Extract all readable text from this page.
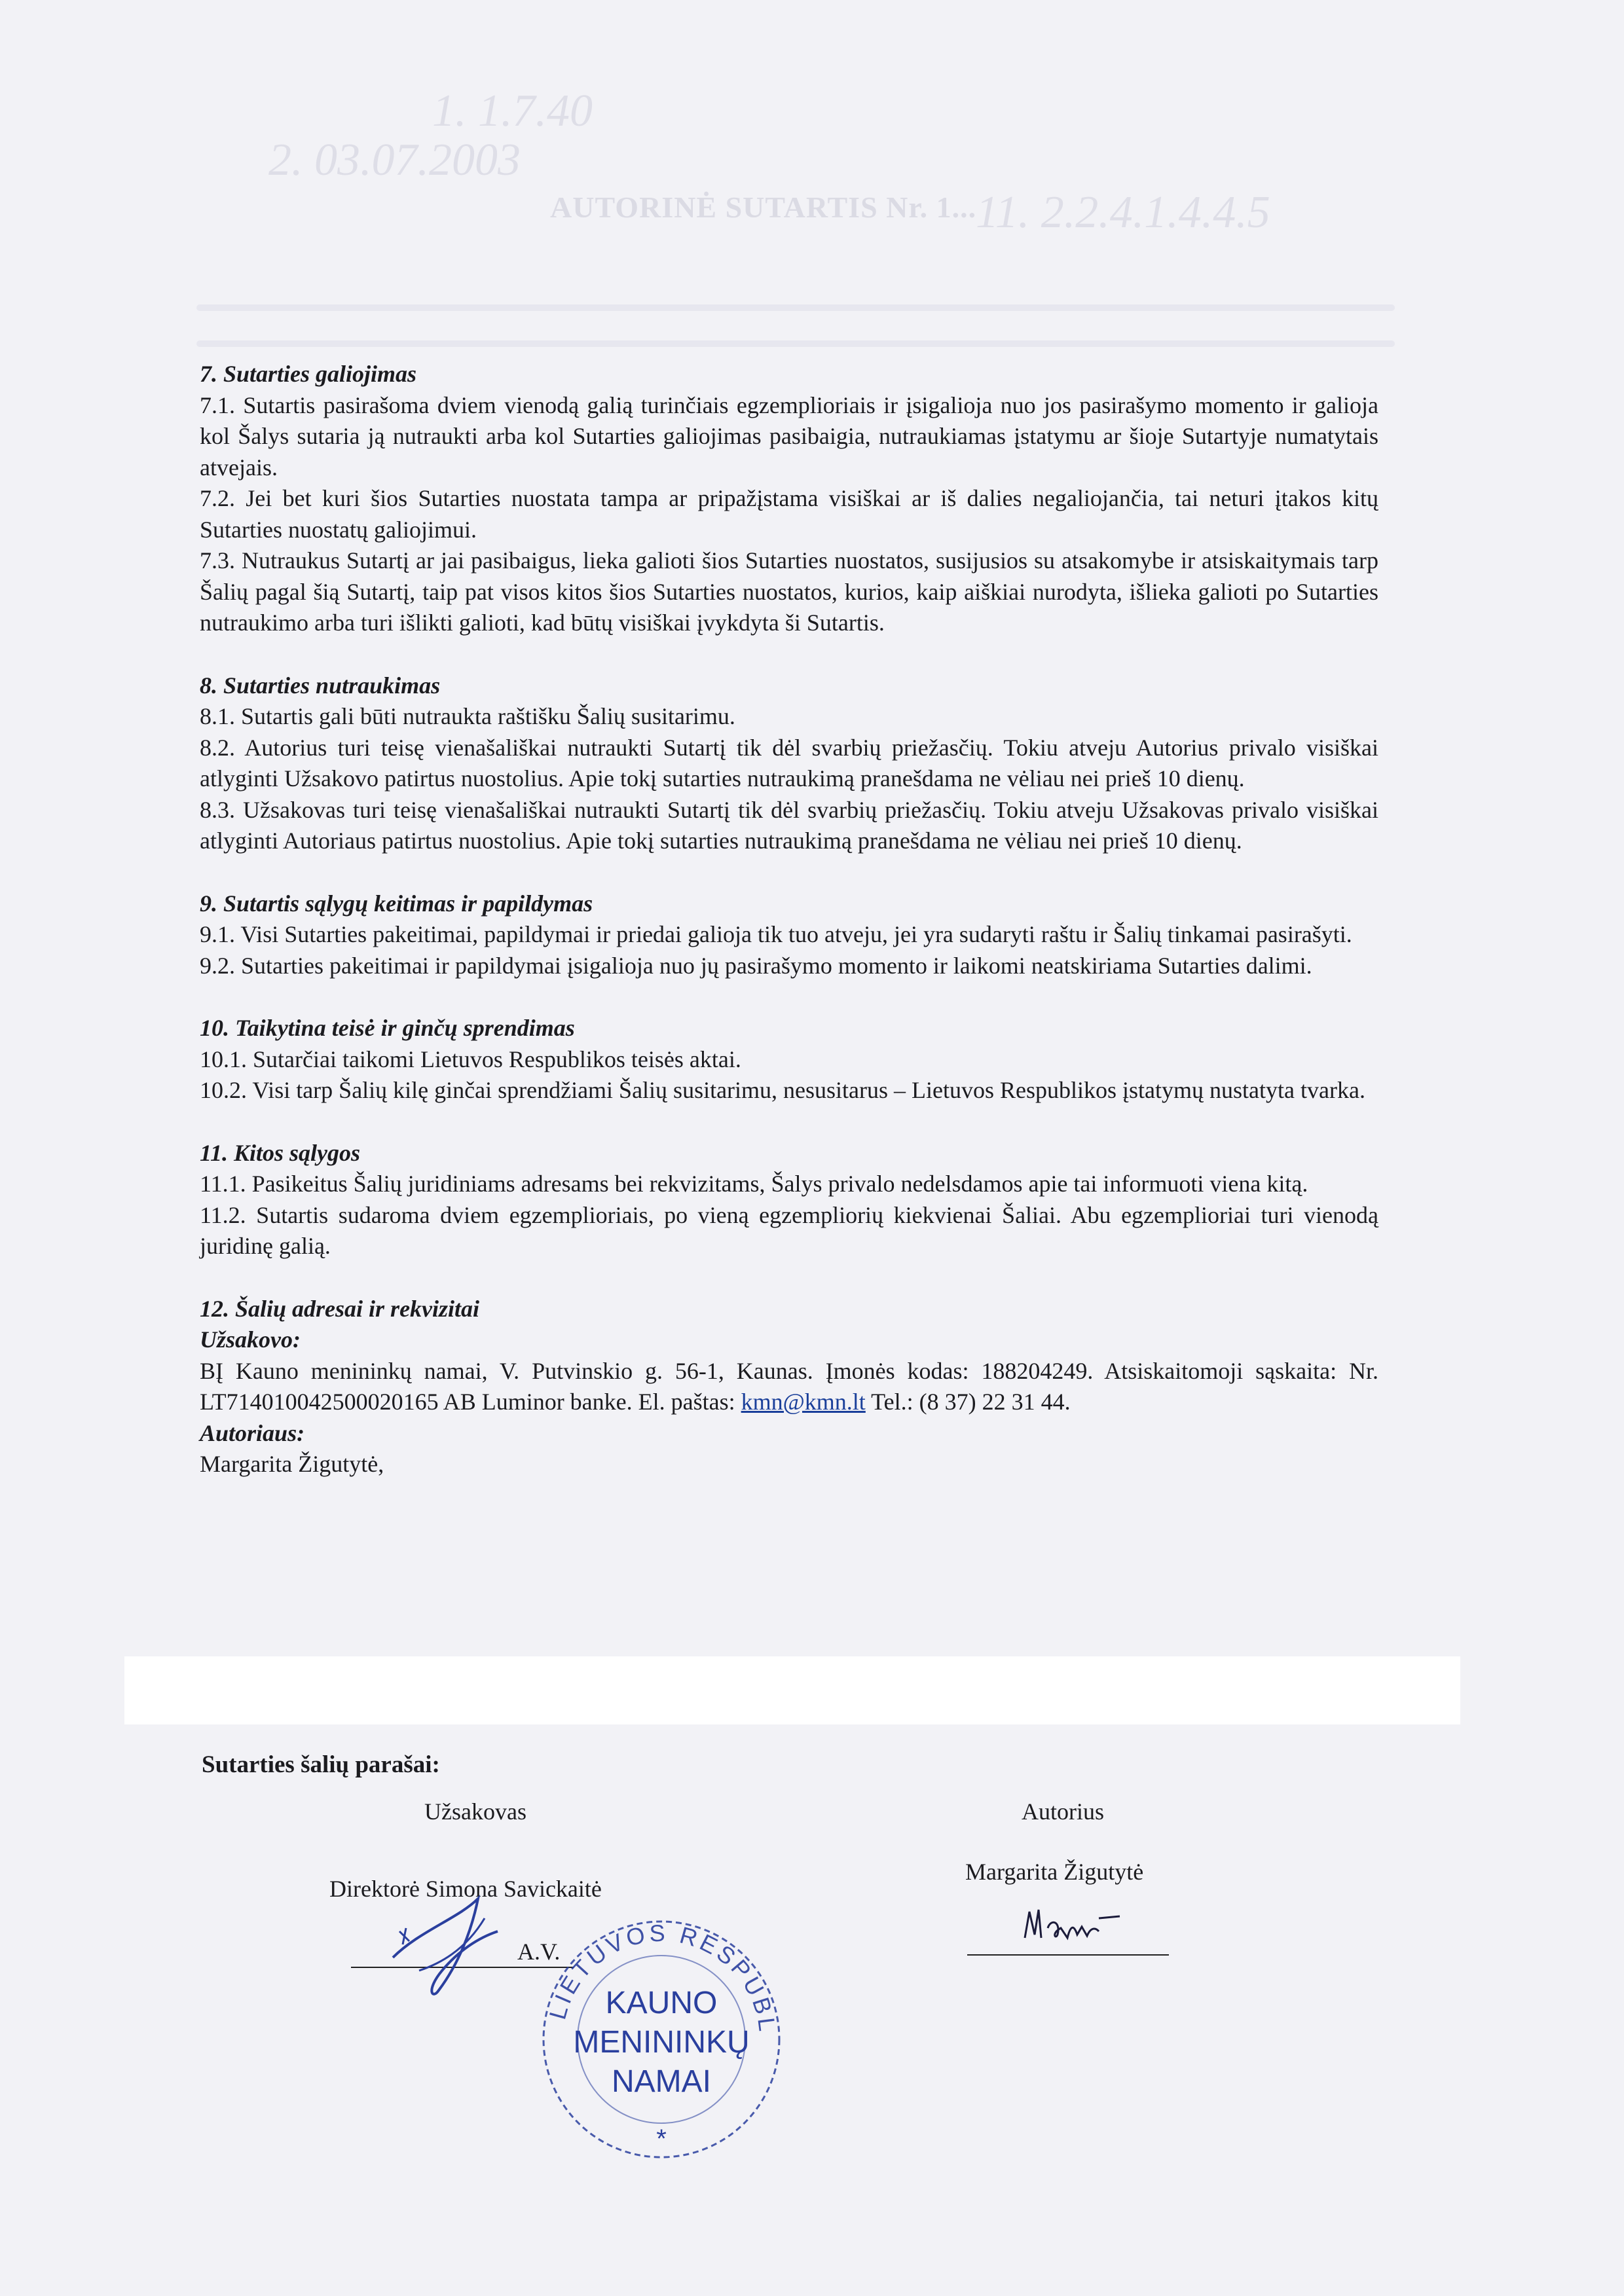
1. 1.7.40
2. 03.07.2003
AUTORINĖ SUTARTIS Nr. 1...
11. 2.2.4.1.4.4.5

7. Sutarties galiojimas

7.1. Sutartis pasirašoma dviem vienodą galią turinčiais egzemplioriais ir įsigalioja nuo jos pasirašymo momento ir galioja kol Šalys sutaria ją nutraukti arba kol Sutarties galiojimas pasibaigia, nutraukiamas įstatymu ar šioje Sutartyje numatytais atvejais.

7.2. Jei bet kuri šios Sutarties nuostata tampa ar pripažįstama visiškai ar iš dalies negaliojančia, tai neturi įtakos kitų Sutarties nuostatų galiojimui.

7.3. Nutraukus Sutartį ar jai pasibaigus, lieka galioti šios Sutarties nuostatos, susijusios su atsakomybe ir atsiskaitymais tarp Šalių pagal šią Sutartį, taip pat visos kitos šios Sutarties nuostatos, kurios, kaip aiškiai nurodyta, išlieka galioti po Sutarties nutraukimo arba turi išlikti galioti, kad būtų visiškai įvykdyta ši Sutartis.

8. Sutarties nutraukimas

8.1. Sutartis gali būti nutraukta raštišku Šalių susitarimu.

8.2. Autorius turi teisę vienašališkai nutraukti Sutartį tik dėl svarbių priežasčių. Tokiu atveju Autorius privalo visiškai atlyginti Užsakovo patirtus nuostolius. Apie tokį sutarties nutraukimą pranešdama ne vėliau nei prieš 10 dienų.

8.3. Užsakovas turi teisę vienašališkai nutraukti Sutartį tik dėl svarbių priežasčių. Tokiu atveju Užsakovas privalo visiškai atlyginti Autoriaus patirtus nuostolius. Apie tokį sutarties nutraukimą pranešdama ne vėliau nei prieš 10 dienų.

9. Sutartis sąlygų keitimas ir papildymas

9.1. Visi Sutarties pakeitimai, papildymai ir priedai galioja tik tuo atveju, jei yra sudaryti raštu ir Šalių tinkamai pasirašyti.

9.2. Sutarties pakeitimai ir papildymai įsigalioja nuo jų pasirašymo momento ir laikomi neatskiriama Sutarties dalimi.

10. Taikytina teisė ir ginčų sprendimas

10.1. Sutarčiai taikomi Lietuvos Respublikos teisės aktai.

10.2. Visi tarp Šalių kilę ginčai sprendžiami Šalių susitarimu, nesusitarus – Lietuvos Respublikos įstatymų nustatyta tvarka.

11. Kitos sąlygos

11.1. Pasikeitus Šalių juridiniams adresams bei rekvizitams, Šalys privalo nedelsdamos apie tai informuoti viena kitą.

11.2. Sutartis sudaroma dviem egzemplioriais, po vieną egzempliorių kiekvienai Šaliai. Abu egzemplioriai turi vienodą juridinę galią.

12. Šalių adresai ir rekvizitai

Užsakovo:

BĮ Kauno menininkų namai, V. Putvinskio g. 56-1, Kaunas. Įmonės kodas: 188204249. Atsiskaitomoji sąskaita: Nr. LT714010042500020165 AB Luminor banke. El. paštas: kmn@kmn.lt Tel.: (8 37) 22 31 44.

Autoriaus:

Margarita Žigutytė,

Sutarties šalių parašai:
Užsakovas	Autorius
Direktorė Simona Savickaitė
Margarita Žigutytė
A.V.
LIETUVOS RESPUBL
KAUNO
MENININKŲ
NAMAI
*
